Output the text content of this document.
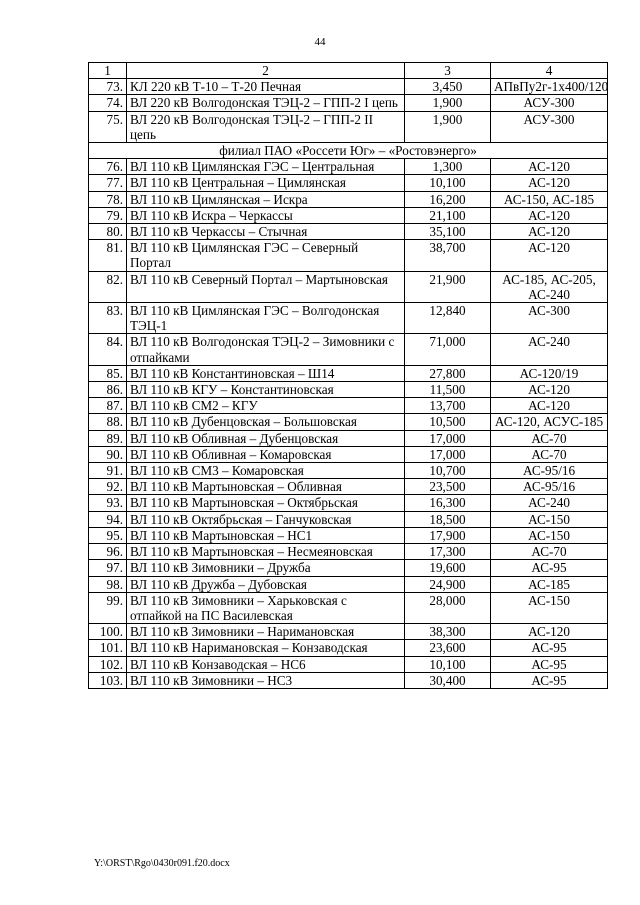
44
1	2	3	4
73.	КЛ 220 кВ Т-10 – Т-20 Печная	3,450	АПвПу2г-1х400/120
74.	ВЛ 220 кВ Волгодонская ТЭЦ-2 – ГПП-2 I цепь	1,900	АСУ-300
75.	ВЛ 220 кВ Волгодонская ТЭЦ-2 – ГПП-2 II цепь	1,900	АСУ-300
филиал ПАО «Россети Юг» – «Ростовэнерго»			
76.	ВЛ 110 кВ Цимлянская ГЭС – Центральная	1,300	АС-120
77.	ВЛ 110 кВ Центральная – Цимлянская	10,100	АС-120
78.	ВЛ 110 кВ Цимлянская – Искра	16,200	АС-150, АС-185
79.	ВЛ 110 кВ Искра – Черкассы	21,100	АС-120
80.	ВЛ 110 кВ Черкассы – Стычная	35,100	АС-120
81.	ВЛ 110 кВ Цимлянская ГЭС – Северный Портал	38,700	АС-120
82.	ВЛ 110 кВ Северный Портал – Мартыновская	21,900	АС-185, АС-205, АС-240
83.	ВЛ 110 кВ Цимлянская ГЭС – Волгодонская ТЭЦ-1	12,840	АС-300
84.	ВЛ 110 кВ Волгодонская ТЭЦ-2 – Зимовники с отпайками	71,000	АС-240
85.	ВЛ 110 кВ Константиновская – Ш14	27,800	АС-120/19
86.	ВЛ 110 кВ КГУ – Константиновская	11,500	АС-120
87.	ВЛ 110 кВ СМ2 – КГУ	13,700	АС-120
88.	ВЛ 110 кВ Дубенцовская – Большовская	10,500	АС-120, АСУС-185
89.	ВЛ 110 кВ Обливная – Дубенцовская	17,000	АС-70
90.	ВЛ 110 кВ Обливная – Комаровская	17,000	АС-70
91.	ВЛ 110 кВ СМ3 – Комаровская	10,700	АС-95/16
92.	ВЛ 110 кВ Мартыновская – Обливная	23,500	АС-95/16
93.	ВЛ 110 кВ Мартыновская – Октябрьская	16,300	АС-240
94.	ВЛ 110 кВ Октябрьская – Ганчуковская	18,500	АС-150
95.	ВЛ 110 кВ Мартыновская – НС1	17,900	АС-150
96.	ВЛ 110 кВ Мартыновская – Несмеяновская	17,300	АС-70
97.	ВЛ 110 кВ Зимовники – Дружба	19,600	АС-95
98.	ВЛ 110 кВ Дружба – Дубовская	24,900	АС-185
99.	ВЛ 110 кВ Зимовники – Харьковская с отпайкой на ПС Василевская	28,000	АС-150
100.	ВЛ 110 кВ Зимовники – Наримановская	38,300	АС-120
101.	ВЛ 110 кВ Наримановская – Конзаводская	23,600	АС-95
102.	ВЛ 110 кВ Конзаводская – НС6	10,100	АС-95
103.	ВЛ 110 кВ Зимовники – НС3	30,400	АС-95
Y:\ORST\Rgo\0430r091.f20.docx
